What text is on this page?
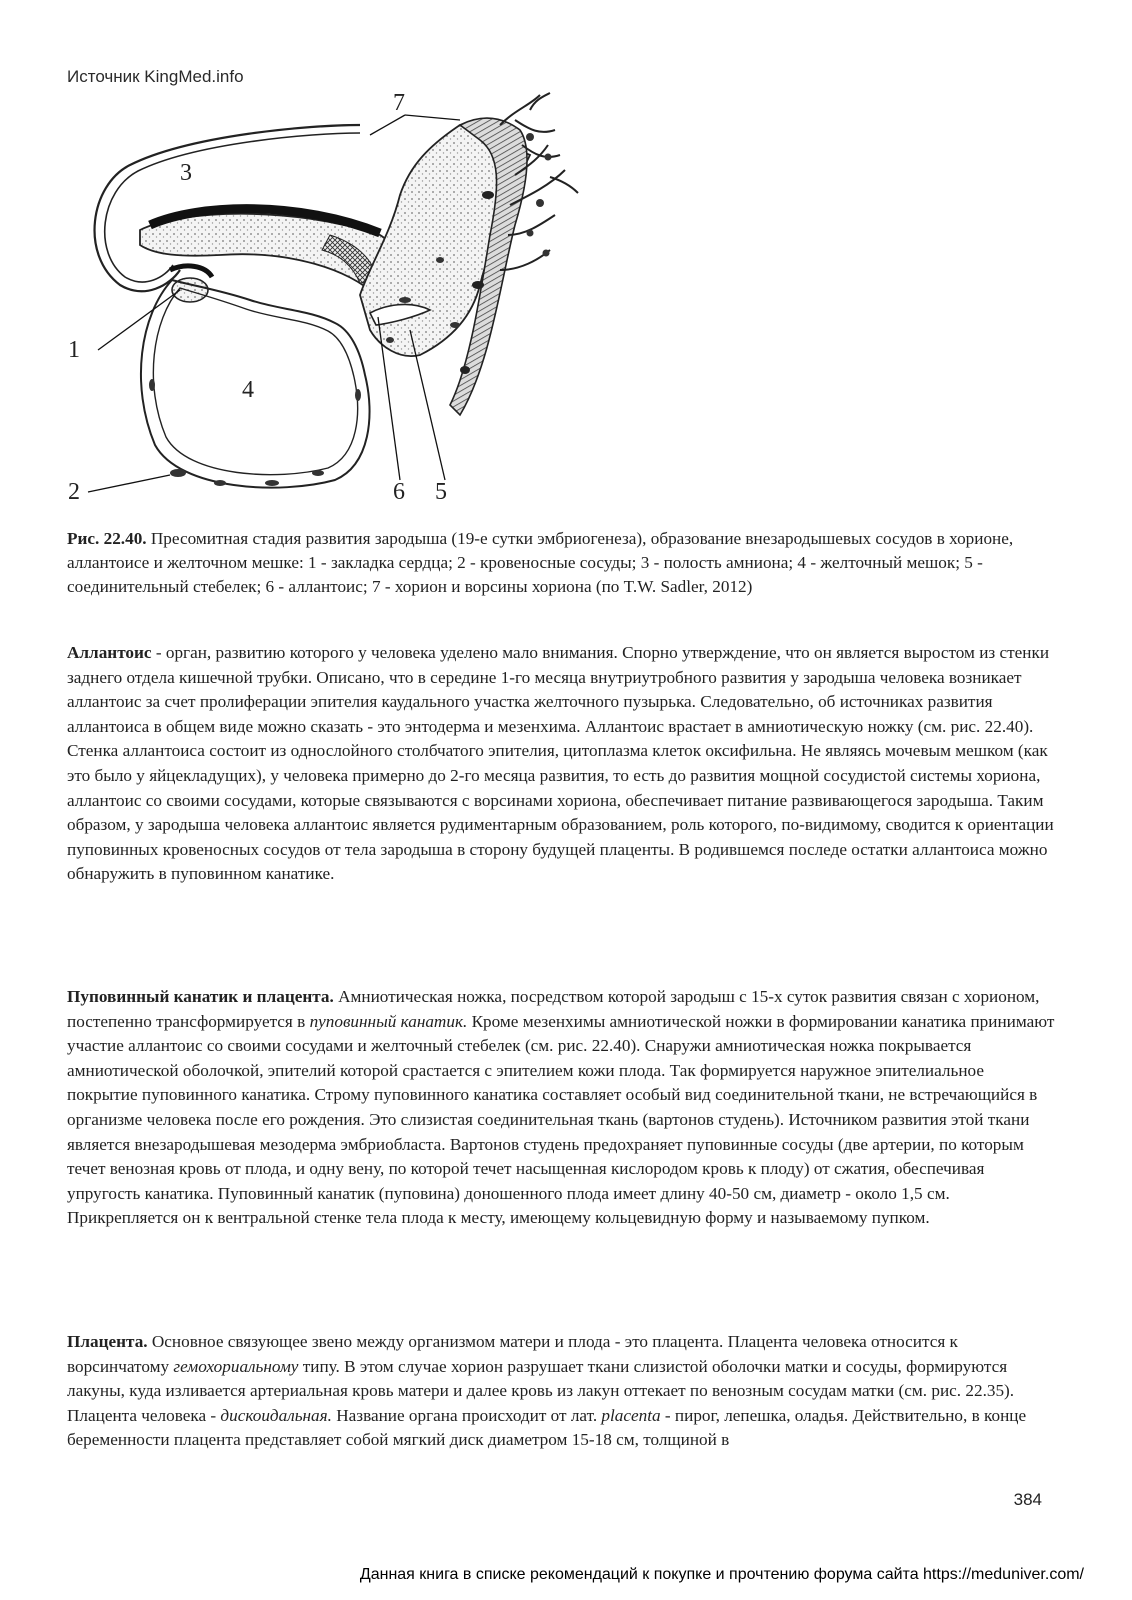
Источник KingMed.info
1
2
3
4
5
6
7
Рис. 22.40. Пресомитная стадия развития зародыша (19-е сутки эмбриогенеза), образование внезародышевых сосудов в хорионе, аллантоисе и желточном мешке: 1 - закладка сердца; 2 - кровеносные сосуды; 3 - полость амниона; 4 - желточный мешок; 5 - соединительный стебелек; 6 - аллантоис; 7 - хорион и ворсины хориона (по T.W. Sadler, 2012)

Аллантоис - орган, развитию которого у человека уделено мало внимания. Спорно утверждение, что он является выростом из стенки заднего отдела кишечной трубки. Описано, что в середине 1-го месяца внутриутробного развития у зародыша человека возникает аллантоис за счет пролиферации эпителия каудального участка желточного пузырька. Следовательно, об источниках развития аллантоиса в общем виде можно сказать - это энтодерма и мезенхима. Аллантоис врастает в амниотическую ножку (см. рис. 22.40). Стенка аллантоиса состоит из однослойного столбчатого эпителия, цитоплазма клеток оксифильна. Не являясь мочевым мешком (как это было у яйцекладущих), у человека примерно до 2-го месяца развития, то есть до развития мощной сосудистой системы хориона, аллантоис со своими сосудами, которые связываются с ворсинами хориона, обеспечивает питание развивающегося зародыша. Таким образом, у зародыша человека аллантоис является рудиментарным образованием, роль которого, по-видимому, сводится к ориентации пуповинных кровеносных сосудов от тела зародыша в сторону будущей плаценты. В родившемся последе остатки аллантоиса можно обнаружить в пуповинном канатике.

Пуповинный канатик и плацента. Амниотическая ножка, посредством которой зародыш с 15-х суток развития связан с хорионом, постепенно трансформируется в пуповинный канатик. Кроме мезенхимы амниотической ножки в формировании канатика принимают участие аллантоис со своими сосудами и желточный стебелек (см. рис. 22.40). Снаружи амниотическая ножка покрывается амниотической оболочкой, эпителий которой срастается с эпителием кожи плода. Так формируется наружное эпителиальное покрытие пуповинного канатика. Строму пуповинного канатика составляет особый вид соединительной ткани, не встречающийся в организме человека после его рождения. Это слизистая соединительная ткань (вартонов студень). Источником развития этой ткани является внезародышевая мезодерма эмбриобласта. Вартонов студень предохраняет пуповинные сосуды (две артерии, по которым течет венозная кровь от плода, и одну вену, по которой течет насыщенная кислородом кровь к плоду) от сжатия, обеспечивая упругость канатика. Пуповинный канатик (пуповина) доношенного плода имеет длину 40-50 см, диаметр - около 1,5 см. Прикрепляется он к вентральной стенке тела плода к месту, имеющему кольцевидную форму и называемому пупком.

Плацента. Основное связующее звено между организмом матери и плода - это плацента. Плацента человека относится к ворсинчатому гемохориальному типу. В этом случае хорион разрушает ткани слизистой оболочки матки и сосуды, формируются лакуны, куда изливается артериальная кровь матери и далее кровь из лакун оттекает по венозным сосудам матки (см. рис. 22.35). Плацента человека - дискоидальная. Название органа происходит от лат. placenta - пирог, лепешка, оладья. Действительно, в конце беременности плацента представляет собой мягкий диск диаметром 15-18 см, толщиной в

384
Данная книга в списке рекомендаций к покупке и прочтению форума сайта https://meduniver.com/
